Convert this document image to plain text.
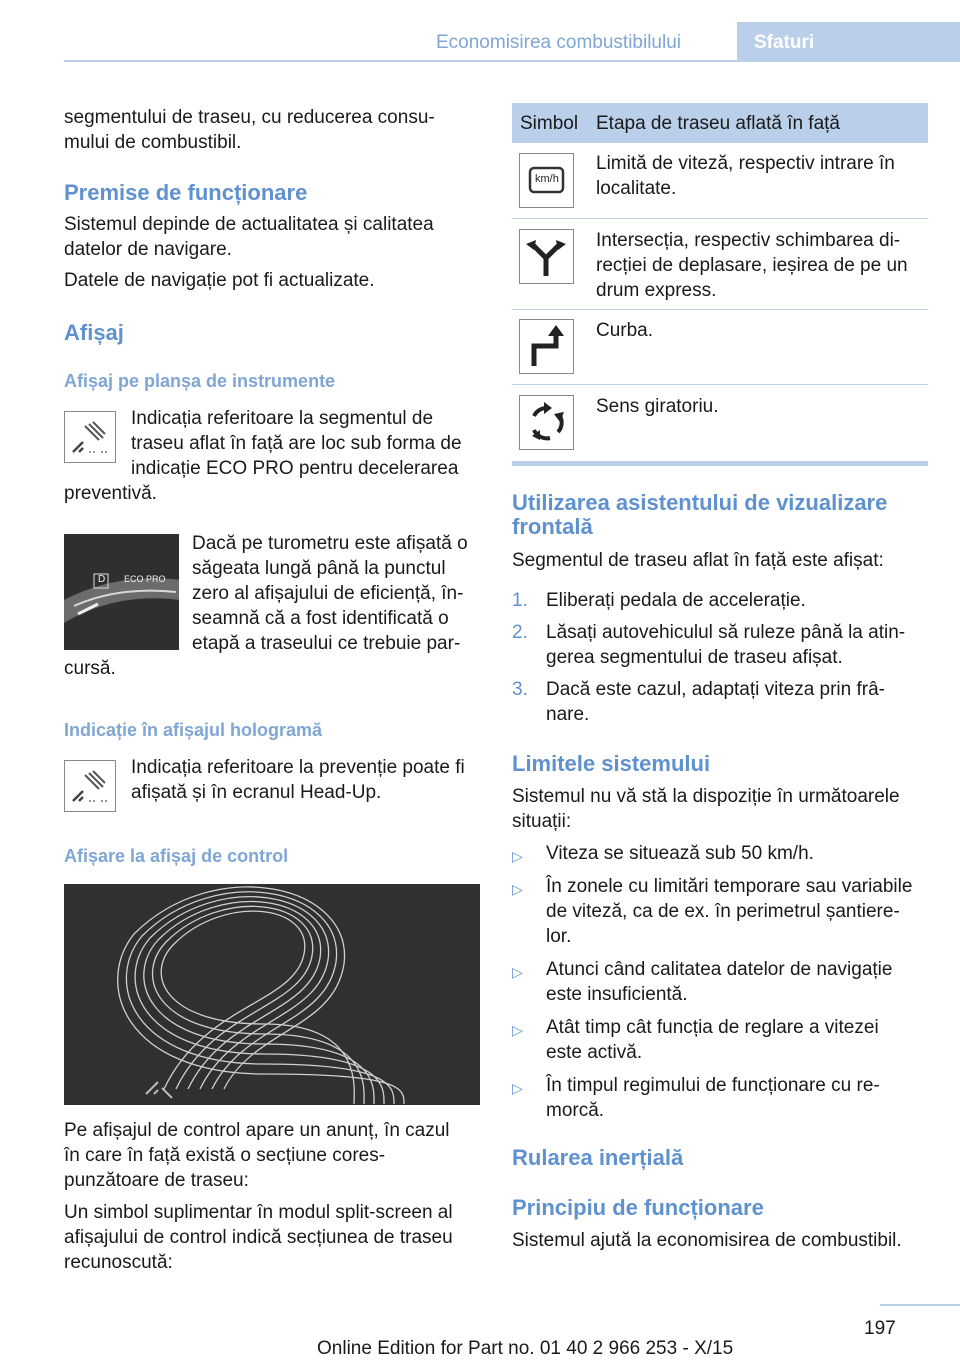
Economisirea combustibilului	Sfaturi
segmentului de traseu, cu reducerea consu‐
mului de combustibil.
Premise de funcționare
Sistemul depinde de actualitatea și calitatea
datelor de navigare.
Datele de navigație pot fi actualizate.
Afișaj
Afișaj pe planșa de instrumente
Indicația referitoare la segmentul de
traseu aflat în față are loc sub forma de
indicație ECO PRO pentru decelerarea
preventivă.
D ECO PRO
Dacă pe turometru este afișată o
săgeata lungă până la punctul
zero al afișajului de eficiență, în‐
seamnă că a fost identificată o
etapă a traseului ce trebuie par‐
cursă.
Indicație în afișajul hologramă
Indicația referitoare la prevenție poate fi
afișată și în ecranul Head-Up.
Afișare la afișaj de control
Pe afișajul de control apare un anunț, în cazul
în care în față există o secțiune cores‐
punzătoare de traseu:
Un simbol suplimentar în modul split-screen al
afișajului de control indică secțiunea de traseu
recunoscută:
Simbol Etapa de traseu aflată în față
km/h
Limită de viteză, respectiv intrare în
localitate.
Intersecția, respectiv schimbarea di‐
recției de deplasare, ieșirea de pe un
drum express.
Curba.
Sens giratoriu.
Utilizarea asistentului de vizualizare
frontală
Segmentul de traseu aflat în față este afișat:
1. Eliberați pedala de accelerație.
2. Lăsați autovehiculul să ruleze până la atin‐
gerea segmentului de traseu afișat.
3. Dacă este cazul, adaptați viteza prin frâ‐
nare.
Limitele sistemului
Sistemul nu vă stă la dispoziție în următoarele
situații:
▷ Viteza se situează sub 50 km/h.
▷ În zonele cu limitări temporare sau variabile
de viteză, ca de ex. în perimetrul șantiere‐
lor.
▷ Atunci când calitatea datelor de navigație
este insuficientă.
▷ Atât timp cât funcția de reglare a vitezei
este activă.
▷ În timpul regimului de funcționare cu re‐
morcă.
Rularea inerțială
Principiu de funcționare
Sistemul ajută la economisirea de combustibil.
197
Online Edition for Part no. 01 40 2 966 253 - X/15
